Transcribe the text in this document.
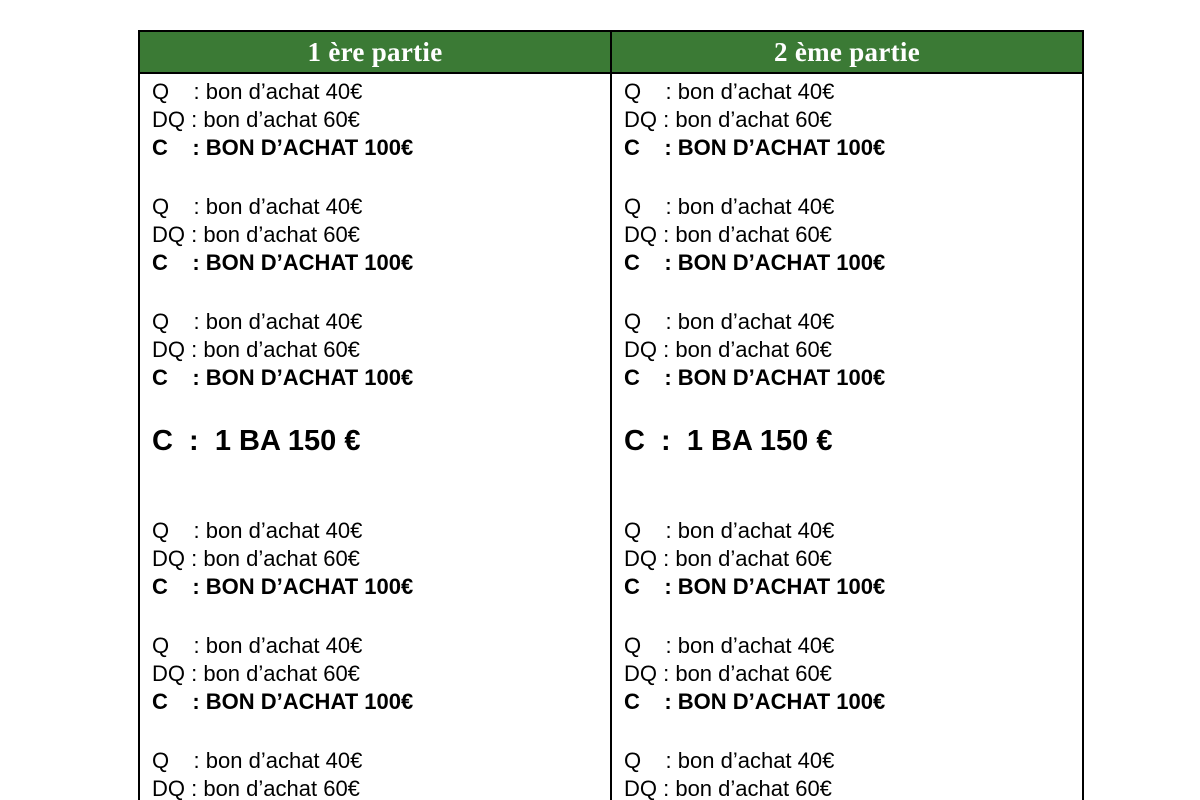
1 ère partie	2 ème partie
Q    : bon d’achat 40€
DQ : bon d’achat 60€
C    : BON D’ACHAT 100€
Q    : bon d’achat 40€
DQ : bon d’achat 60€
C    : BON D’ACHAT 100€
Q    : bon d’achat 40€
DQ : bon d’achat 60€
C    : BON D’ACHAT 100€
C  :  1 BA 150 €
Q    : bon d’achat 40€
DQ : bon d’achat 60€
C    : BON D’ACHAT 100€
Q    : bon d’achat 40€
DQ : bon d’achat 60€
C    : BON D’ACHAT 100€
Q    : bon d’achat 40€
DQ : bon d’achat 60€
Q    : bon d’achat 40€
DQ : bon d’achat 60€
C    : BON D’ACHAT 100€
Q    : bon d’achat 40€
DQ : bon d’achat 60€
C    : BON D’ACHAT 100€
Q    : bon d’achat 40€
DQ : bon d’achat 60€
C    : BON D’ACHAT 100€
C  :  1 BA 150 €
Q    : bon d’achat 40€
DQ : bon d’achat 60€
C    : BON D’ACHAT 100€
Q    : bon d’achat 40€
DQ : bon d’achat 60€
C    : BON D’ACHAT 100€
Q    : bon d’achat 40€
DQ : bon d’achat 60€
